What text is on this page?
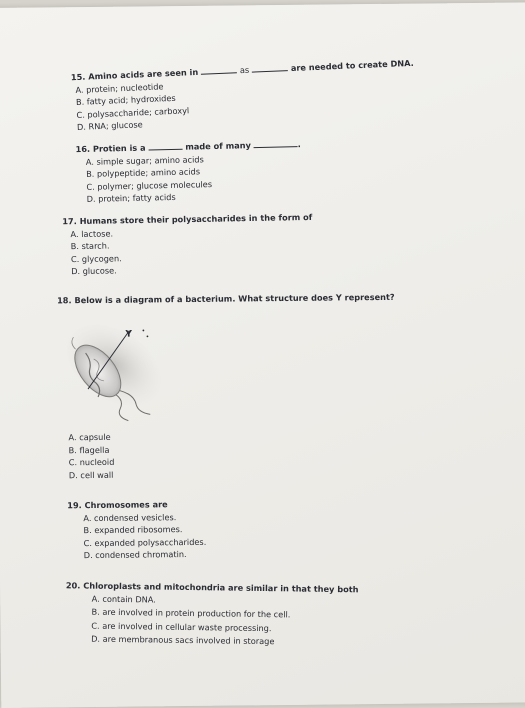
15. Amino acids are seen in	as	are needed to create DNA.
A. protein; nucleotide
B. fatty acid; hydroxides
C. polysaccharide; carboxyl
D. RNA; glucose
16. Protien is a	made of many	.
A. simple sugar; amino acids
B. polypeptide; amino acids
C. polymer; glucose molecules
D. protein; fatty acids
17. Humans store their polysaccharides in the form of
A. lactose.
B. starch.
C. glycogen.
D. glucose.
18. Below is a diagram of a bacterium. What structure does Y represent?
Y
A. capsule
B. flagella
C. nucleoid
D. cell wall
19. Chromosomes are
A. condensed vesicles.
B. expanded ribosomes.
C. expanded polysaccharides.
D. condensed chromatin.
20. Chloroplasts and mitochondria are similar in that they both
A. contain DNA.
B. are involved in protein production for the cell.
C. are involved in cellular waste processing.
D. are membranous sacs involved in storage
